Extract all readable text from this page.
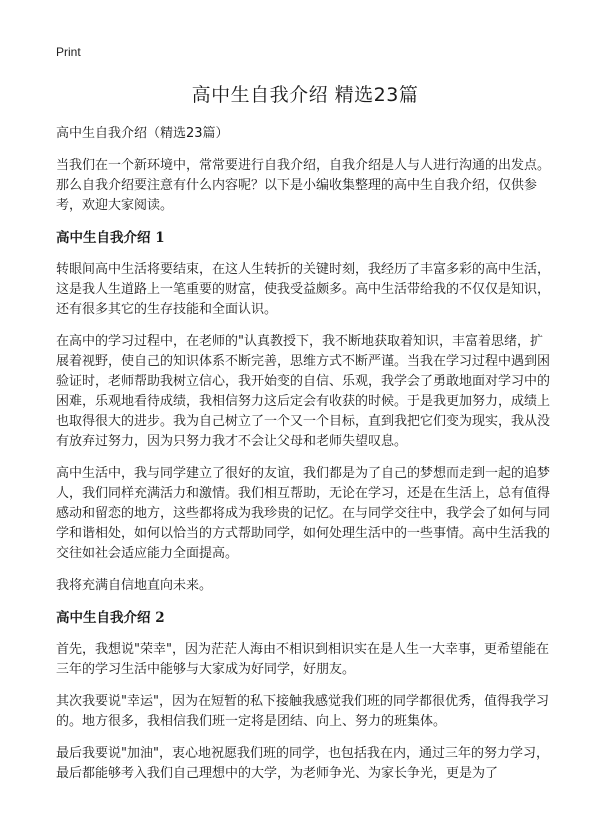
Print
高中生自我介绍 精选23篇
高中生自我介绍（精选23篇）

当我们在一个新环境中，常常要进行自我介绍，自我介绍是人与人进行沟通的出发点。那么自我介绍要注意有什么内容呢？以下是小编收集整理的高中生自我介绍，仅供参考，欢迎大家阅读。

高中生自我介绍 1

转眼间高中生活将要结束，在这人生转折的关键时刻，我经历了丰富多彩的高中生活，这是我人生道路上一笔重要的财富，使我受益颇多。高中生活带给我的不仅仅是知识，还有很多其它的生存技能和全面认识。

在高中的学习过程中，在老师的"认真教授下，我不断地获取着知识，丰富着思绪，扩展着视野，使自己的知识体系不断完善，思维方式不断严谨。当我在学习过程中遇到困验证时，老师帮助我树立信心，我开始变的自信、乐观，我学会了勇敢地面对学习中的困难，乐观地看待成绩，我相信努力这后定会有收获的时候。于是我更加努力，成绩上也取得很大的进步。我为自己树立了一个又一个目标，直到我把它们变为现实，我从没有放弃过努力，因为只努力我才不会让父母和老师失望叹息。

高中生活中，我与同学建立了很好的友谊，我们都是为了自己的梦想而走到一起的追梦人，我们同样充满活力和激情。我们相互帮助，无论在学习，还是在生活上，总有值得感动和留恋的地方，这些都将成为我珍贵的记忆。在与同学交往中，我学会了如何与同学和谐相处，如何以恰当的方式帮助同学，如何处理生活中的一些事情。高中生活我的交往如社会适应能力全面提高。

我将充满自信地直向未来。

高中生自我介绍 2

首先，我想说"荣幸"，因为茫茫人海由不相识到相识实在是人生一大幸事，更希望能在三年的学习生活中能够与大家成为好同学，好朋友。

其次我要说"幸运"，因为在短暂的私下接触我感觉我们班的同学都很优秀，值得我学习的。地方很多，我相信我们班一定将是团结、向上、努力的班集体。

最后我要说"加油"，衷心地祝愿我们班的同学，也包括我在内，通过三年的努力学习，最后都能够考入我们自己理想中的大学，为老师争光、为家长争光，更是为了
